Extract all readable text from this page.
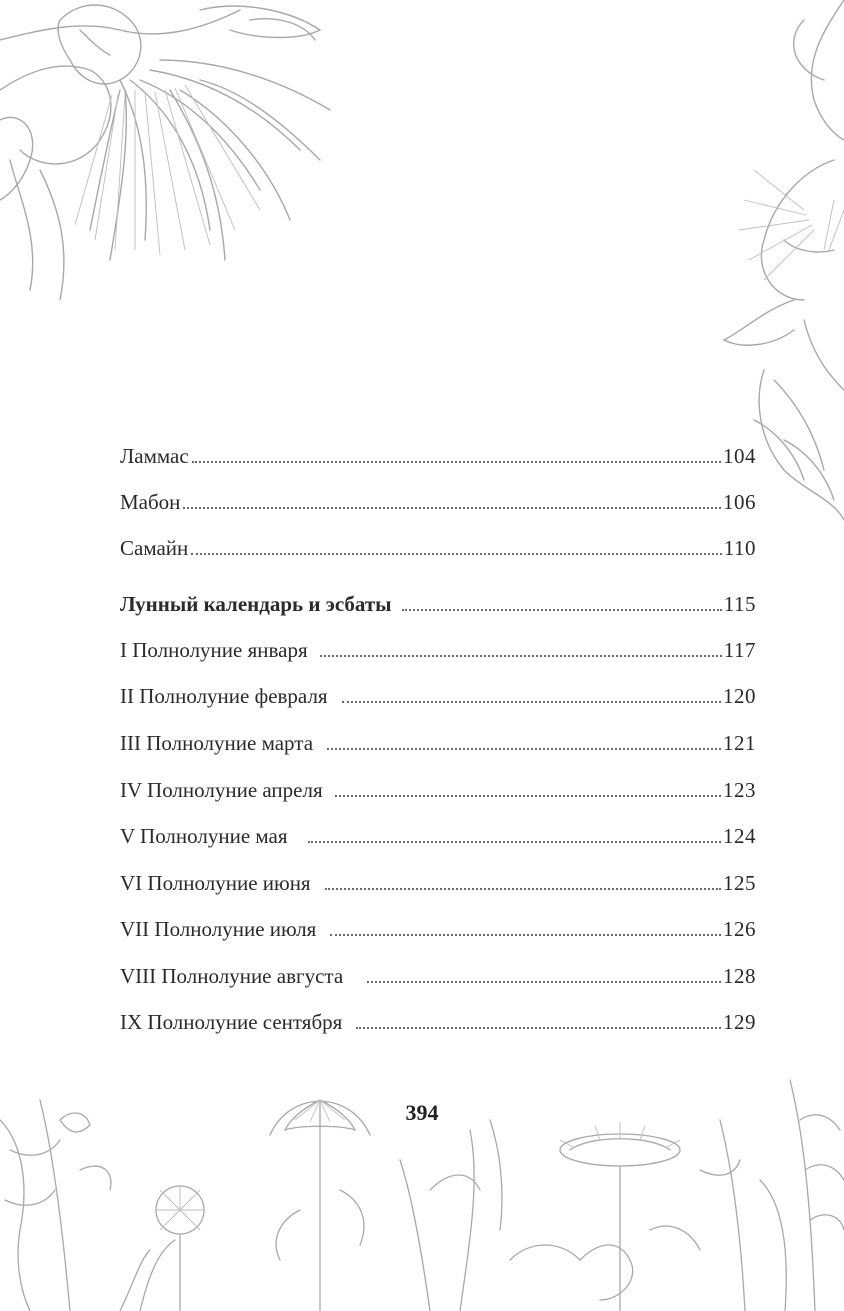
Ламмас	104
Мабон	106
Самайн	110
Лунный календарь и эсбаты	115
I Полнолуние января	117
II Полнолуние февраля	120
III Полнолуние марта	121
IV Полнолуние апреля	123
V Полнолуние мая	124
VI Полнолуние июня	125
VII Полнолуние июля	126
VIII Полнолуние августа	128
IX Полнолуние сентября	129
394
